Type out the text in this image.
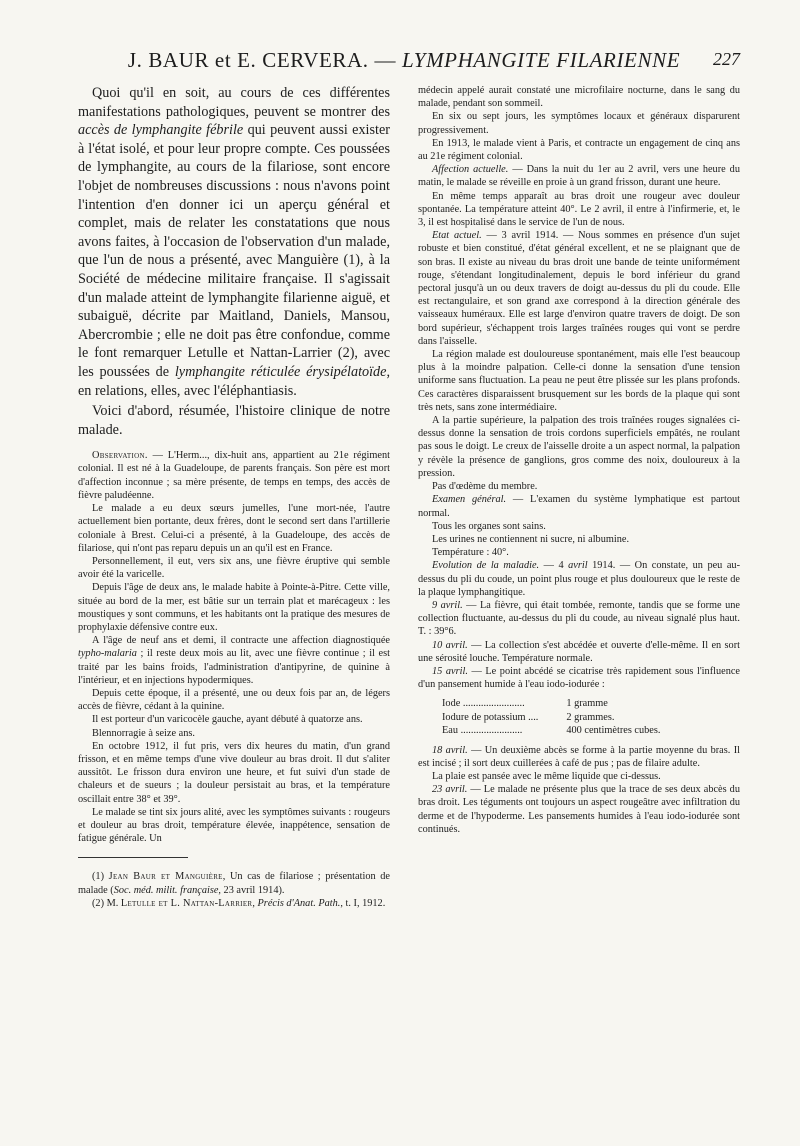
J. BAUR et E. CERVERA. — LYMPHANGITE FILARIENNE	227

Quoi qu'il en soit, au cours de ces différentes manifestations pathologiques, peuvent se montrer des accès de lymphangite fébrile qui peuvent aussi exister à l'état isolé, et pour leur propre compte. Ces poussées de lymphangite, au cours de la filariose, sont encore l'objet de nombreuses discussions : nous n'avons point l'intention d'en donner ici un aperçu général et complet, mais de relater les constatations que nous avons faites, à l'occasion de l'observation d'un malade, que l'un de nous a présenté, avec Manguière (1), à la Société de médecine militaire française. Il s'agissait d'un malade atteint de lymphangite filarienne aiguë, et subaiguë, décrite par Maitland, Daniels, Mansou, Abercrombie ; elle ne doit pas être confondue, comme le font remarquer Letulle et Nattan-Larrier (2), avec les poussées de lymphangite réticulée érysipélatoïde, en relations, elles, avec l'éléphantiasis.

Voici d'abord, résumée, l'histoire clinique de notre malade.

Observation. — L'Herm..., dix-huit ans, appartient au 21e régiment colonial. Il est né à la Guadeloupe, de parents français. Son père est mort d'affection inconnue ; sa mère présente, de temps en temps, des accès de fièvre paludéenne.

Le malade a eu deux sœurs jumelles, l'une mort-née, l'autre actuellement bien portante, deux frères, dont le second sert dans l'artillerie coloniale à Brest. Celui-ci a présenté, à la Guadeloupe, des accès de filariose, qui n'ont pas reparu depuis un an qu'il est en France.

Personnellement, il eut, vers six ans, une fièvre éruptive qui semble avoir été la varicelle.

Depuis l'âge de deux ans, le malade habite à Pointe-à-Pitre. Cette ville, située au bord de la mer, est bâtie sur un terrain plat et marécageux : les moustiques y sont communs, et les habitants ont la pratique des mesures de prophylaxie défensive contre eux.

A l'âge de neuf ans et demi, il contracte une affection diagnostiquée typho-malaria ; il reste deux mois au lit, avec une fièvre continue ; il est traité par les bains froids, l'administration d'antipyrine, de quinine à l'intérieur, et en injections hypodermiques.

Depuis cette époque, il a présenté, une ou deux fois par an, de légers accès de fièvre, cédant à la quinine.

Il est porteur d'un varicocèle gauche, ayant débuté à quatorze ans.

Blennorragie à seize ans.

En octobre 1912, il fut pris, vers dix heures du matin, d'un grand frisson, et en même temps d'une vive douleur au bras droit. Il dut s'aliter aussitôt. Le frisson dura environ une heure, et fut suivi d'un stade de chaleurs et de sueurs ; la douleur persistait au bras, et la température oscillait entre 38° et 39°.

Le malade se tint six jours alité, avec les symptômes suivants : rougeurs et douleur au bras droit, température élevée, inappétence, sensation de fatigue générale. Un

(1) Jean Baur et Manguière, Un cas de filariose ; présentation de malade (Soc. méd. milit. française, 23 avril 1914).

(2) M. Letulle et L. Nattan-Larrier, Précis d'Anat. Path., t. I, 1912.

médecin appelé aurait constaté une microfilaire nocturne, dans le sang du malade, pendant son sommeil.

En six ou sept jours, les symptômes locaux et généraux disparurent progressivement.

En 1913, le malade vient à Paris, et contracte un engagement de cinq ans au 21e régiment colonial.

Affection actuelle. — Dans la nuit du 1er au 2 avril, vers une heure du matin, le malade se réveille en proie à un grand frisson, durant une heure.

En même temps apparaît au bras droit une rougeur avec douleur spontanée. La température atteint 40°. Le 2 avril, il entre à l'infirmerie, et, le 3, il est hospitalisé dans le service de l'un de nous.

Etat actuel. — 3 avril 1914. — Nous sommes en présence d'un sujet robuste et bien constitué, d'état général excellent, et ne se plaignant que de son bras. Il existe au niveau du bras droit une bande de teinte uniformément rouge, s'étendant longitudinalement, depuis le bord inférieur du grand pectoral jusqu'à un ou deux travers de doigt au-dessus du pli du coude. Elle est rectangulaire, et son grand axe correspond à la direction générale des vaisseaux huméraux. Elle est large d'environ quatre travers de doigt. De son bord supérieur, s'échappent trois larges traînées rouges qui vont se perdre dans l'aisselle.

La région malade est douloureuse spontanément, mais elle l'est beaucoup plus à la moindre palpation. Celle-ci donne la sensation d'une tension uniforme sans fluctuation. La peau ne peut être plissée sur les plans profonds. Ces caractères disparaissent brusquement sur les bords de la plaque qui sont très nets, sans zone intermédiaire.

A la partie supérieure, la palpation des trois traînées rouges signalées ci-dessus donne la sensation de trois cordons superficiels empâtés, ne roulant pas sous le doigt. Le creux de l'aisselle droite a un aspect normal, la palpation y révèle la présence de ganglions, gros comme des noix, douloureux à la pression.

Pas d'œdème du membre.

Examen général. — L'examen du système lymphatique est partout normal.

Tous les organes sont sains.

Les urines ne contiennent ni sucre, ni albumine.

Température : 40°.

Evolution de la maladie. — 4 avril 1914. — On constate, un peu au-dessus du pli du coude, un point plus rouge et plus douloureux que le reste de la plaque lymphangitique.

9 avril. — La fièvre, qui était tombée, remonte, tandis que se forme une collection fluctuante, au-dessus du pli du coude, au niveau signalé plus haut. T. : 39°6.

10 avril. — La collection s'est abcédée et ouverte d'elle-même. Il en sort une sérosité louche. Température normale.

15 avril. — Le point abcédé se cicatrise très rapidement sous l'influence d'un pansement humide à l'eau iodo-iodurée :

Iode ........................	1 gramme
Iodure de potassium ....	2 grammes.
Eau ........................	400 centimètres cubes.

18 avril. — Un deuxième abcès se forme à la partie moyenne du bras. Il est incisé ; il sort deux cuillerées à café de pus ; pas de filaire adulte.

La plaie est pansée avec le même liquide que ci-dessus.

23 avril. — Le malade ne présente plus que la trace de ses deux abcès du bras droit. Les téguments ont toujours un aspect rougeâtre avec infiltration du derme et de l'hypoderme. Les pansements humides à l'eau iodo-iodurée sont continués.
